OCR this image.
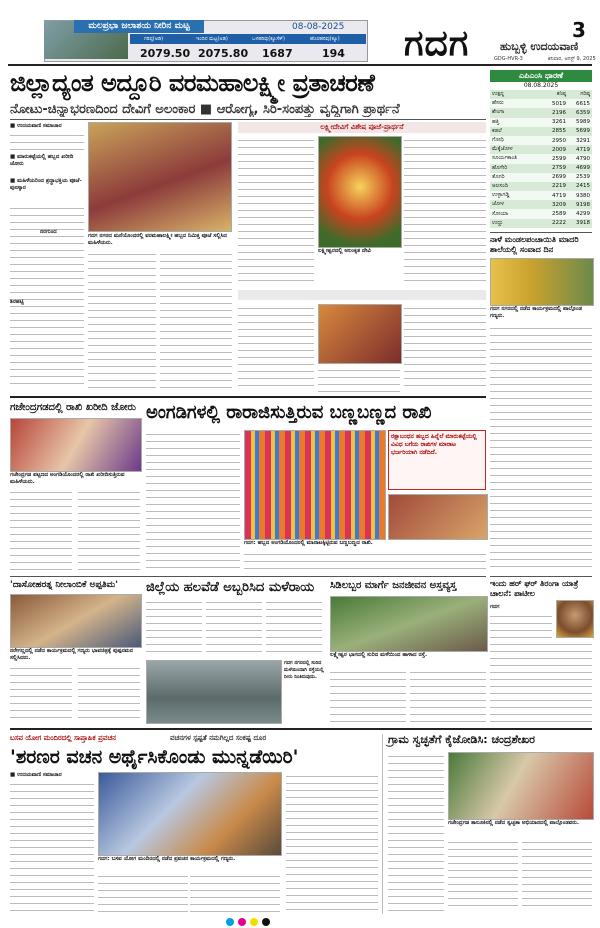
ಮಲಪ್ರಭಾ ಜಲಾಶಯ ನೀರಿನ ಮಟ್ಟ	08-08-2025
ಗರಿಷ್ಠ(ಅಡಿ)	ಇಂದಿನ ಮಟ್ಟ(ಅಡಿ)	ಒಳಹರಿವು(ಕ್ಯೂಸೆಕ್)	ಹೊರಹರಿವು(ಕ್ಯೂ)
2079.50 2075.80 1687	194 ಗದಗ	3
ಹುಬ್ಬಳ್ಳಿ ಉದಯವಾಣಿ
GDG-HVR-3	ಶನಿವಾರ, ಆಗಸ್ಟ್ 9, 2025
ಜಿಲ್ಲಾದ್ಯಂತ ಅದ್ದೂರಿ ವರಮಹಾಲಕ್ಷ್ಮೀ ವ್ರತಾಚರಣೆ
ನೋಟು-ಚಿನ್ನಾಭರಣದಿಂದ ದೇವಿಗೆ ಅಲಂಕಾರ ■ ಆರೋಗ್ಯ, ಸಿರಿ-ಸಂಪತ್ತು ವೃದ್ಧಿಗಾಗಿ ಪ್ರಾರ್ಥನೆ
■ ಉದಯವಾಣಿ ಸಮಾಚಾರ
■ ಮಾರುಕಟ್ಟೆಯಲ್ಲಿ ಹಬ್ಬದ ಖರೀದಿ ಜೋರು
■ ಮಹಿಳೆಯರಿಂದ ಶ್ರದ್ಧಾಭಕ್ತಿಯ ಪೂಜೆ-ಪುನಸ್ಕಾರ
ನರಗುಂದ
ಶಿರಹಟ್ಟಿ
ಗದಗ ನಗರದ ಮನೆಯೊಂದರಲ್ಲಿ ವರಮಹಾಲಕ್ಷ್ಮೀ ಹಬ್ಬದ ನಿಮಿತ್ತ ಪೂಜೆ ಸಲ್ಲಿಸಿದ ಮಹಿಳೆಯರು.
ಲಕ್ಷ್ಮೀದೇವಿಗೆ ವಿಶೇಷ ಪೂಜೆ-ಪ್ರಾರ್ಥನೆ
ಲಕ್ಷ್ಮೀಶ್ವರದಲ್ಲಿ ಅಲಂಕೃತ ದೇವಿ
ಎಪಿಎಂಸಿ ಧಾರಣೆ
08.08.2025
ಉತ್ಪನ್ನ	ಕನಿಷ್ಠ	ಗರಿಷ್ಠ
ಹೆಸರು	5019	6615
ಶೇಂಗಾ	2196	6359
ಹತ್ತಿ	3261	5989
ಕಡಲೆ	2855	5699
ಗೋಧಿ	2950	3291
ಮೆಕ್ಕೆಜೋಳ	2009	4719
ಸೂರ್ಯಕಾಂತಿ	2599	4790
ಹೊಗೇರಿ	2759	4699
ತೊಗರಿ	2699	2539
ಅಲಸಂದಿ	2219	2415
ಉಳ್ಳಾಗಡ್ಡಿ	4719	9380
ಜೋಳ	3209	9198
ಸೋಯಾ	2589	4299
ಉದ್ದು	2222	3918
ನಾಳೆ ಮಂಡಲಪಂಚಾಯಿತಿ ಮಾದರಿ ಶಾಲೆಯಲ್ಲಿ ಸಂವಾದ ದಿನ
ಗದಗ ನಗರದಲ್ಲಿ ನಡೆದ ಕಾರ್ಯಕ್ರಮದಲ್ಲಿ ಪಾಲ್ಗೊಂಡ ಗಣ್ಯರು.
ಇಂದು ಹರ್ ಘರ್ ತಿರಂಗಾ ಯಾತ್ರೆ ಚಾಲನೆ: ಪಾಟೀಲ
ಗದಗ
ಗಜೇಂದ್ರಗಡದಲ್ಲಿ ರಾಖಿ ಖರೀದಿ ಜೋರು
ಗಜೇಂದ್ರಗಡ ಪಟ್ಟಣದ ಅಂಗಡಿಯೊಂದರಲ್ಲಿ ರಾಖಿ ಖರೀದಿಸುತ್ತಿರುವ ಮಹಿಳೆಯರು.
ಅಂಗಡಿಗಳಲ್ಲಿ ರಾರಾಜಿಸುತ್ತಿರುವ ಬಣ್ಣಬಣ್ಣದ ರಾಖಿ
ರಕ್ಷಾಬಂಧನ ಹಬ್ಬದ ಹಿನ್ನೆಲೆ ಮಾರುಕಟ್ಟೆಯಲ್ಲಿ ವಿವಿಧ ಬಗೆಯ ರಾಖಿಗಳ ಮಾರಾಟ ಭರ್ಜರಿಯಾಗಿ ನಡೆದಿದೆ.
ಗದಗ: ಹಬ್ಬದ ಅಂಗಡಿಯೊಂದರಲ್ಲಿ ಮಾರಾಟಕ್ಕಿಟ್ಟಿರುವ ಬಣ್ಣಬಣ್ಣದ ರಾಖಿ.
'ದಾಸೋಹರತ್ನ ನೀಲಾಂಬಿಕೆ ಅಪ್ಪತಿಮ'
ನರೇಗಲ್ಲದಲ್ಲಿ ನಡೆದ ಕಾರ್ಯಕ್ರಮದಲ್ಲಿ ಗಣ್ಯರು ಭಾವಚಿತ್ರಕ್ಕೆ ಪುಷ್ಪನಮನ ಸಲ್ಲಿಸಿದರು.
ಜಿಲ್ಲೆಯ ಹಲವೆಡೆ ಅಬ್ಬರಿಸಿದ ಮಳೆರಾಯ
ಗದಗ ನಗರದಲ್ಲಿ ಸುರಿದ ಮಳೆಯಿಂದಾಗಿ ರಸ್ತೆಯಲ್ಲಿ ನೀರು ನಿಂತಿರುವುದು.
ಸಿಡಿಲಬ್ಬರ ಮಾರ್ಗೆ ಜನಜೀವನ ಅಸ್ತವ್ಯಸ್ತ
ಲಕ್ಷ್ಮೇಶ್ವರ ಭಾಗದಲ್ಲಿ ಸುರಿದ ಮಳೆಯಿಂದ ಹಾಳಾದ ರಸ್ತೆ.
ಬಸವ ಯೋಗ ಮಂದಿರದಲ್ಲಿ ಸಾಪ್ತಾಹಿಕ ಪ್ರವಚನ	ವಚನಗಳ ಸ್ಪಷ್ಟತೆ ನಮಗಿಲ್ಲದ ಸಂಕಷ್ಟ ದೂರ
'ಶರಣರ ವಚನ ಅರ್ಥೈಸಿಕೊಂಡು ಮುನ್ನಡೆಯಿರಿ'
■ ಉದಯವಾಣಿ ಸಮಾಚಾರ
ಗದಗ: ಬಸವ ಯೋಗ ಮಂದಿರದಲ್ಲಿ ನಡೆದ ಪ್ರವಚನ ಕಾರ್ಯಕ್ರಮದಲ್ಲಿ ಗಣ್ಯರು.
ಗ್ರಾಮ ಸ್ವಚ್ಛತೆಗೆ ಕೈಜೋಡಿಸಿ: ಚಂದ್ರಶೇಖರ
ಗಜೇಂದ್ರಗಡ ತಾಲೂಕಿನಲ್ಲಿ ನಡೆದ ಸ್ವಚ್ಛತಾ ಅಭಿಯಾನದಲ್ಲಿ ಪಾಲ್ಗೊಂಡವರು.
